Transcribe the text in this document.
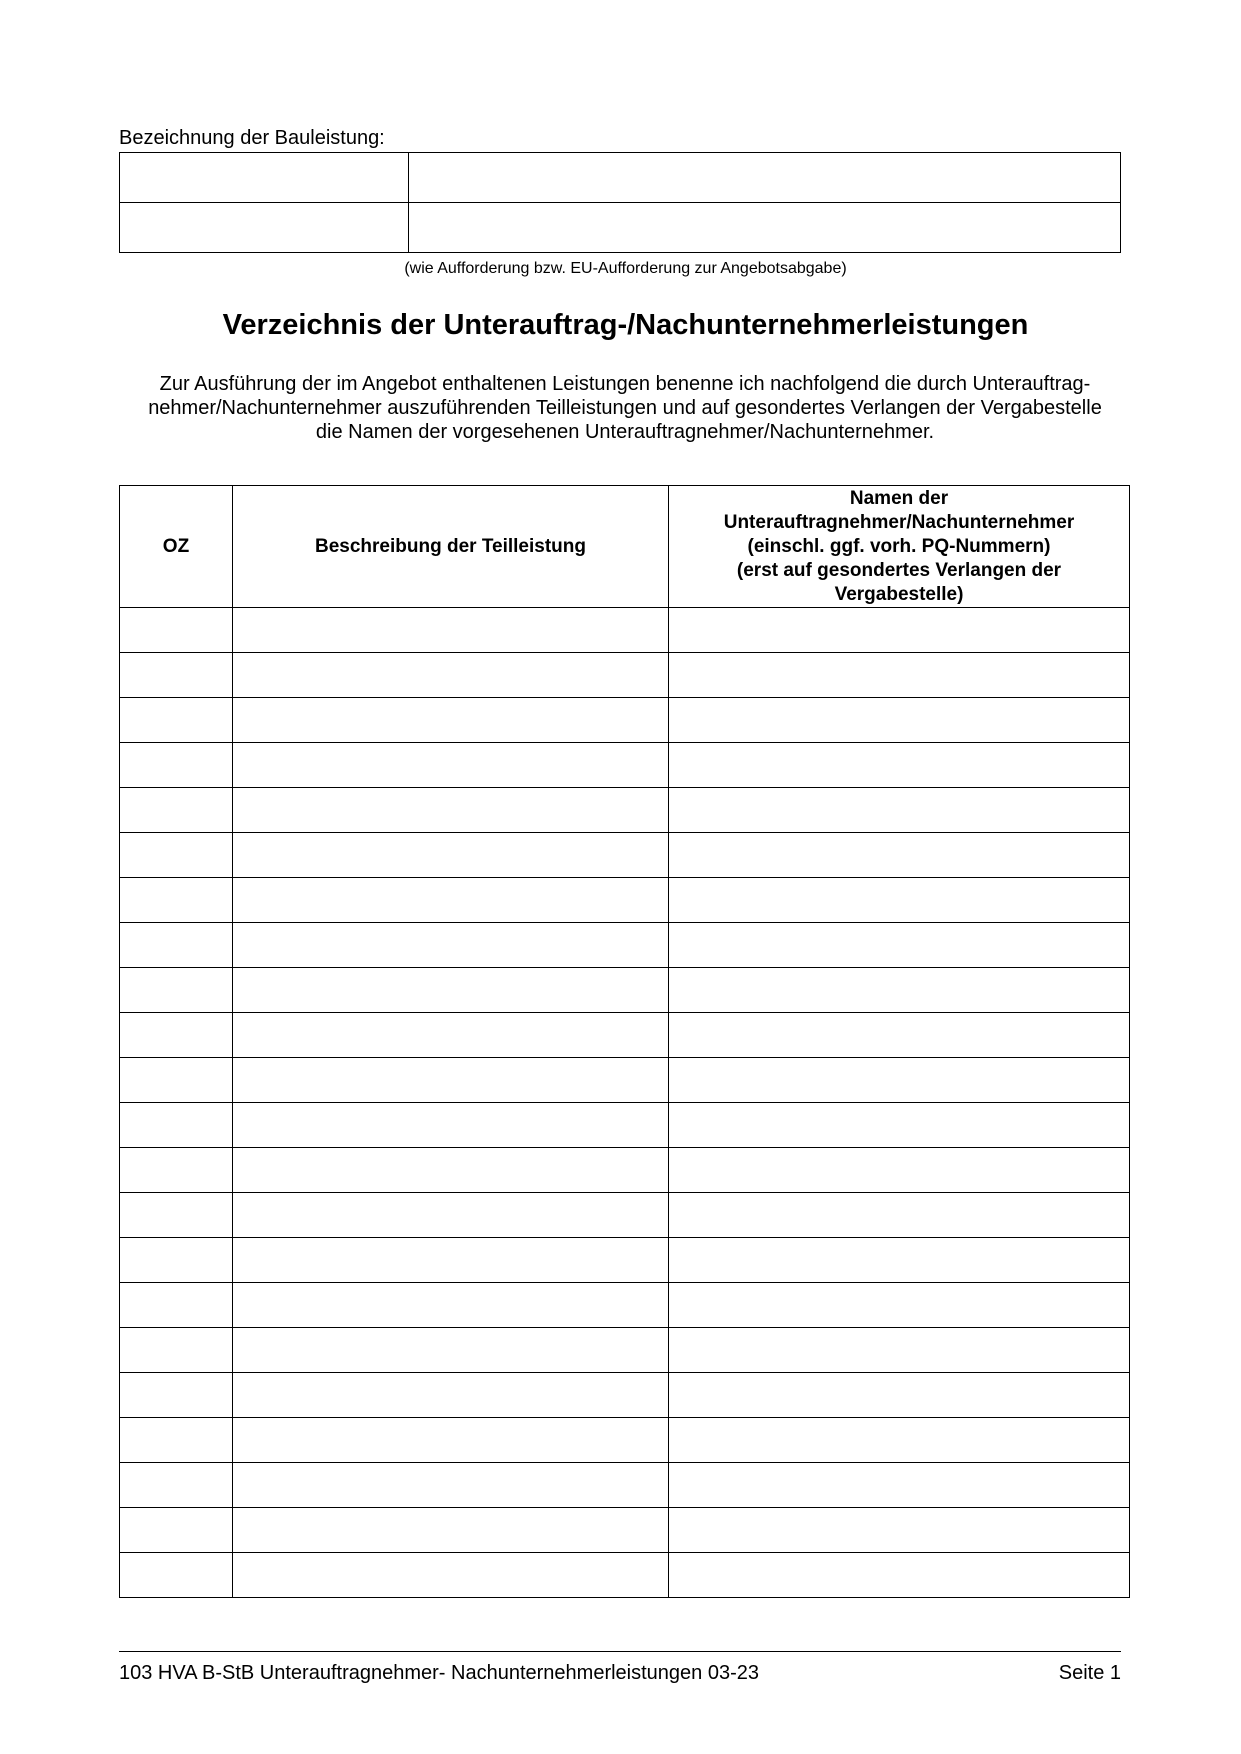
Bezeichnung der Bauleistung:

(wie Aufforderung bzw. EU-Aufforderung zur Angebotsabgabe)
Verzeichnis der Unterauftrag-/Nachunternehmerleistungen

Zur Ausführung der im Angebot enthaltenen Leistungen benenne ich nachfolgend die durch Unterauftrag-
nehmer/Nachunternehmer auszuführenden Teilleistungen und auf gesondertes Verlangen der Vergabestelle
die Namen der vorgesehenen Unterauftragnehmer/Nachunternehmer.

OZ	Beschreibung der Teilleistung	Namen der
Unterauftragnehmer/Nachunternehmer
(einschl. ggf. vorh. PQ-Nummern)
(erst auf gesondertes Verlangen der
Vergabestelle)

103 HVA B-StB Unterauftragnehmer- Nachunternehmerleistungen 03-23	Seite 1
